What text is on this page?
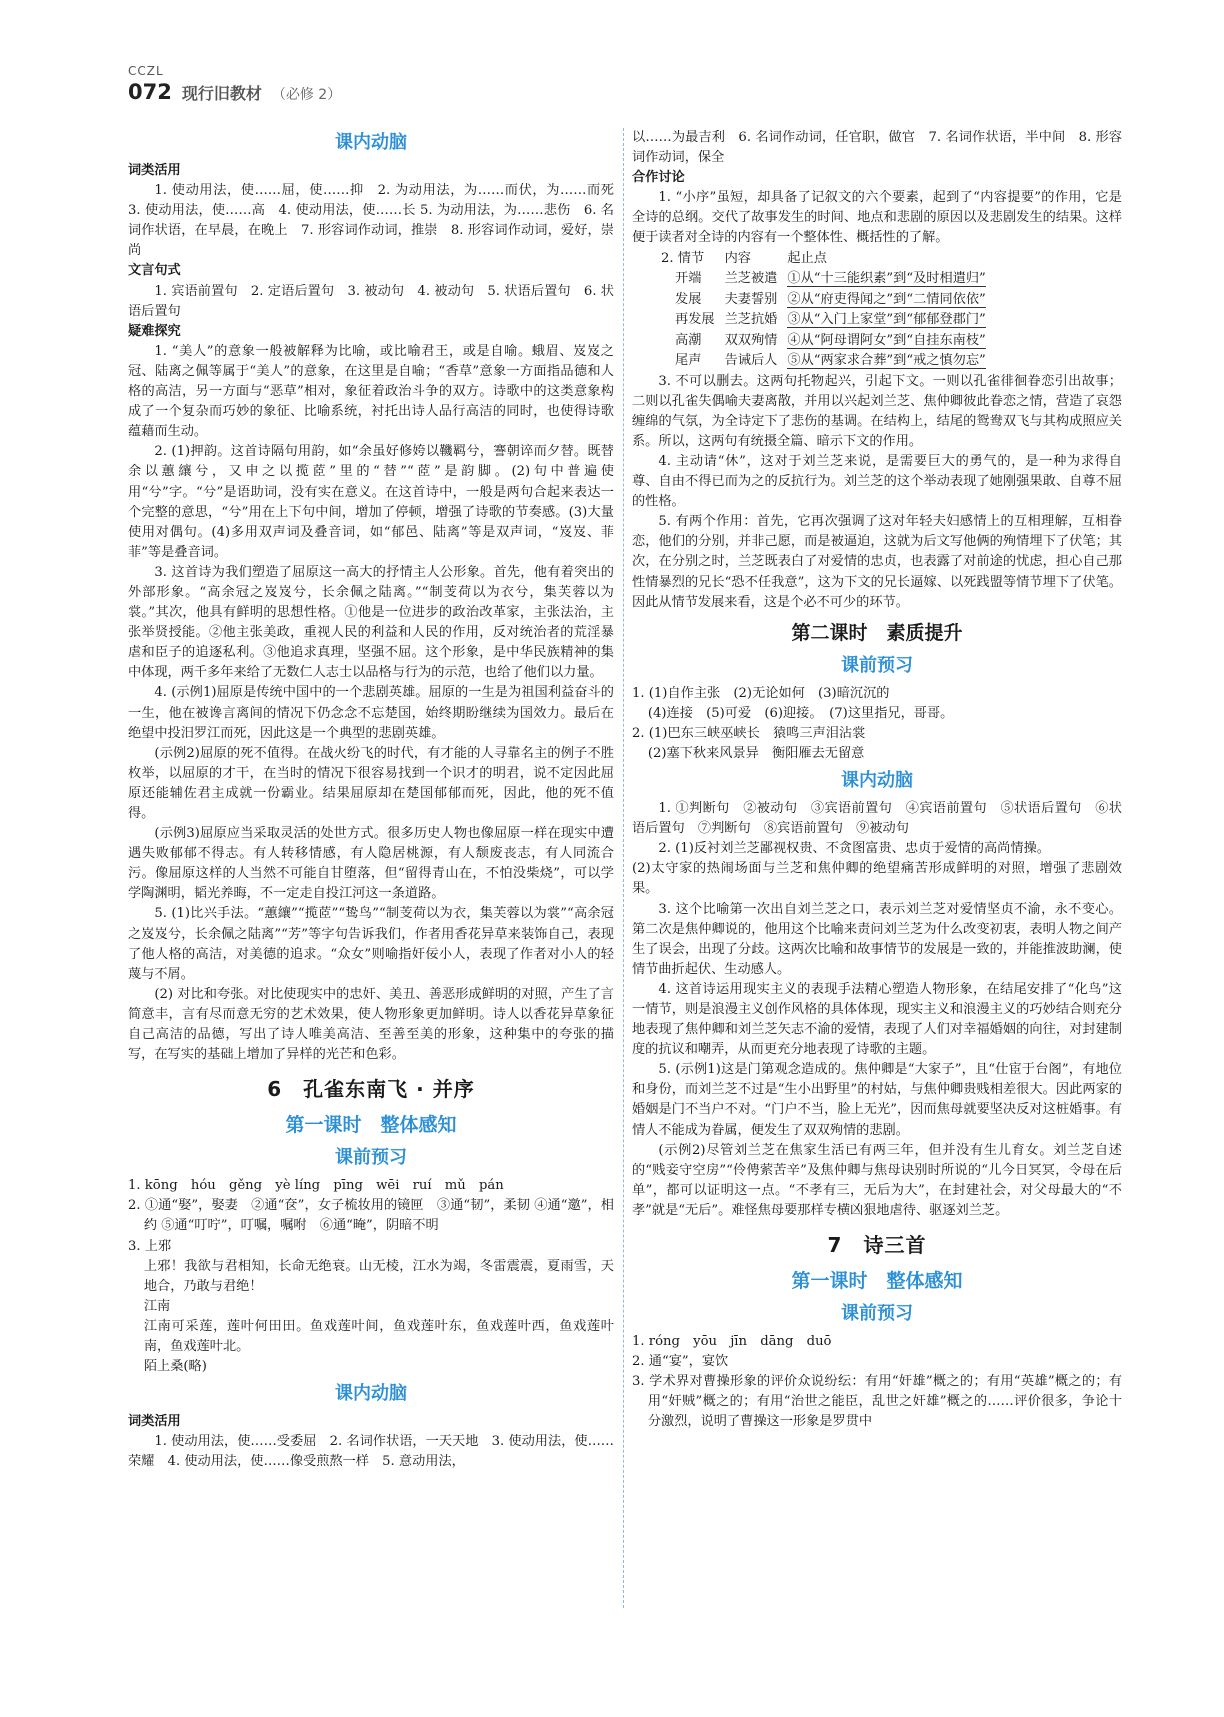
CCZL
072 现行旧教材 （必修 2）
课内动脑

词类活用

1. 使动用法，使……屈，使……抑　2. 为动用法，为……而伏，为……而死　3. 使动用法，使……高　4. 使动用法，使……长 5. 为动用法，为……悲伤　6. 名词作状语，在早晨，在晚上　7. 形容词作动词，推崇　8. 形容词作动词，爱好，崇尚

文言句式

1. 宾语前置句　2. 定语后置句　3. 被动句　4. 被动句　5. 状语后置句　6. 状语后置句

疑难探究

1. “美人”的意象一般被解释为比喻，或比喻君王，或是自喻。蛾眉、岌岌之冠、陆离之佩等属于“美人”的意象，在这里是自喻；“香草”意象一方面指品德和人格的高洁，另一方面与“恶草”相对，象征着政治斗争的双方。诗歌中的这类意象构成了一个复杂而巧妙的象征、比喻系统，衬托出诗人品行高洁的同时，也使得诗歌蕴藉而生动。

2. (1)押韵。这首诗隔句用韵，如“余虽好修姱以鞿羁兮，謇朝谇而夕替。既替余以蕙纕兮，又申之以揽茝”里的“替”“茝”是韵脚。(2)句中普遍使用“兮”字。“兮”是语助词，没有实在意义。在这首诗中，一般是两句合起来表达一个完整的意思，“兮”用在上下句中间，增加了停顿，增强了诗歌的节奏感。(3)大量使用对偶句。(4)多用双声词及叠音词，如“郁邑、陆离”等是双声词，“岌岌、菲菲”等是叠音词。

3. 这首诗为我们塑造了屈原这一高大的抒情主人公形象。首先，他有着突出的外部形象。“高余冠之岌岌兮，长余佩之陆离。”“制芰荷以为衣兮，集芙蓉以为裳。”其次，他具有鲜明的思想性格。①他是一位进步的政治改革家，主张法治，主张举贤授能。②他主张美政，重视人民的利益和人民的作用，反对统治者的荒淫暴虐和臣子的追逐私利。③他追求真理，坚强不屈。这个形象，是中华民族精神的集中体现，两千多年来给了无数仁人志士以品格与行为的示范，也给了他们以力量。

4. (示例1)屈原是传统中国中的一个悲剧英雄。屈原的一生是为祖国利益奋斗的一生，他在被谗言离间的情况下仍念念不忘楚国，始终期盼继续为国效力。最后在绝望中投汨罗江而死，因此这是一个典型的悲剧英雄。

(示例2)屈原的死不值得。在战火纷飞的时代，有才能的人寻靠名主的例子不胜枚举，以屈原的才干，在当时的情况下很容易找到一个识才的明君，说不定因此屈原还能辅佐君主成就一份霸业。结果屈原却在楚国郁郁而死，因此，他的死不值得。

(示例3)屈原应当采取灵活的处世方式。很多历史人物也像屈原一样在现实中遭遇失败郁郁不得志。有人转移情感，有人隐居桃源，有人颓废丧志，有人同流合污。像屈原这样的人当然不可能自甘堕落，但“留得青山在，不怕没柴烧”，可以学学陶渊明，韬光养晦，不一定走自投江河这一条道路。

5. (1)比兴手法。“蕙纕”“揽茝”“鸷鸟”“制芰荷以为衣，集芙蓉以为裳”“高余冠之岌岌兮，长余佩之陆离”“芳”等字句告诉我们，作者用香花异草来装饰自己，表现了他人格的高洁，对美德的追求。“众女”则喻指奸佞小人，表现了作者对小人的轻蔑与不屑。

(2) 对比和夸张。对比使现实中的忠奸、美丑、善恶形成鲜明的对照，产生了言简意丰，言有尽而意无穷的艺术效果，使人物形象更加鲜明。诗人以香花异草象征自己高洁的品德，写出了诗人唯美高洁、至善至美的形象，这种集中的夸张的描写，在写实的基础上增加了异样的光芒和色彩。

6　孔雀东南飞 · 并序
第一课时　整体感知
课前预习

1. kōng　hóu　gěng　yè líng　pīng　wēi　ruí　mǔ　pán

2. ①通“娶”，娶妻　②通“奁”，女子梳妆用的镜匣　③通“韧”，柔韧 ④通“邀”，相约 ⑤通“叮咛”，叮嘱，嘱咐　⑥通“晻”，阴暗不明

3. 上邪

上邪！我欲与君相知，长命无绝衰。山无棱，江水为竭，冬雷震震，夏雨雪，天地合，乃敢与君绝！

江南

江南可采莲，莲叶何田田。鱼戏莲叶间，鱼戏莲叶东，鱼戏莲叶西，鱼戏莲叶南，鱼戏莲叶北。

陌上桑(略)

课内动脑

词类活用

1. 使动用法，使……受委屈　2. 名词作状语，一天天地　3. 使动用法，使……荣耀　4. 使动用法，使……像受煎熬一样　5. 意动用法，

以……为最吉利　6. 名词作动词，任官职，做官　7. 名词作状语，半中间　8. 形容词作动词，保全

合作讨论

1. “小序”虽短，却具备了记叙文的六个要素，起到了“内容提要”的作用，它是全诗的总纲。交代了故事发生的时间、地点和悲剧的原因以及悲剧发生的结果。这样便于读者对全诗的内容有一个整体性、概括性的了解。

2. 情节	内容	起止点
开端	兰芝被遣	①从“十三能织素”到“及时相遣归”
发展	夫妻誓别	②从“府吏得闻之”到“二情同依依”
再发展	兰芝抗婚	③从“入门上家堂”到“郁郁登郡门”
高潮	双双殉情	④从“阿母谓阿女”到“自挂东南枝”
尾声	告诫后人	⑤从“两家求合葬”到“戒之慎勿忘”

3. 不可以删去。这两句托物起兴，引起下文。一则以孔雀徘徊眷恋引出故事；二则以孔雀失偶喻夫妻离散，并用以兴起刘兰芝、焦仲卿彼此眷恋之情，营造了哀怨缠绵的气氛，为全诗定下了悲伤的基调。在结构上，结尾的鸳鸯双飞与其构成照应关系。所以，这两句有统摄全篇、暗示下文的作用。

4. 主动请“休”，这对于刘兰芝来说，是需要巨大的勇气的，是一种为求得自尊、自由不得已而为之的反抗行为。刘兰芝的这个举动表现了她刚强果敢、自尊不屈的性格。

5. 有两个作用：首先，它再次强调了这对年轻夫妇感情上的互相理解，互相眷恋，他们的分别，并非己愿，而是被逼迫，这就为后文写他俩的殉情埋下了伏笔；其次，在分别之时，兰芝既表白了对爱情的忠贞，也表露了对前途的忧虑，担心自己那性情暴烈的兄长“恐不任我意”，这为下文的兄长逼嫁、以死践盟等情节埋下了伏笔。因此从情节发展来看，这是个必不可少的环节。

第二课时　素质提升
课前预习

1. (1)自作主张　(2)无论如何　(3)暗沉沉的

(4)连接　(5)可爱　(6)迎接。　(7)这里指兄，哥哥。

2. (1)巴东三峡巫峡长　猿鸣三声泪沾裳

(2)塞下秋来风景异　衡阳雁去无留意

课内动脑

1. ①判断句　②被动句　③宾语前置句　④宾语前置句　⑤状语后置句　⑥状语后置句　⑦判断句　⑧宾语前置句　⑨被动句

2. (1)反衬刘兰芝鄙视权贵、不贪图富贵、忠贞于爱情的高尚情操。

(2)太守家的热闹场面与兰芝和焦仲卿的绝望痛苦形成鲜明的对照，增强了悲剧效果。

3. 这个比喻第一次出自刘兰芝之口，表示刘兰芝对爱情坚贞不渝，永不变心。第二次是焦仲卿说的，他用这个比喻来责问刘兰芝为什么改变初衷，表明人物之间产生了误会，出现了分歧。这两次比喻和故事情节的发展是一致的，并能推波助澜，使情节曲折起伏、生动感人。

4. 这首诗运用现实主义的表现手法精心塑造人物形象，在结尾安排了“化鸟”这一情节，则是浪漫主义创作风格的具体体现，现实主义和浪漫主义的巧妙结合则充分地表现了焦仲卿和刘兰芝矢志不渝的爱情，表现了人们对幸福婚姻的向往，对封建制度的抗议和嘲弄，从而更充分地表现了诗歌的主题。

5. (示例1)这是门第观念造成的。焦仲卿是“大家子”，且“仕宦于台阁”，有地位和身份，而刘兰芝不过是“生小出野里”的村姑，与焦仲卿贵贱相差很大。因此两家的婚姻是门不当户不对。“门户不当，脸上无光”，因而焦母就要坚决反对这桩婚事。有情人不能成为眷属，便发生了双双殉情的悲剧。

(示例2)尽管刘兰芝在焦家生活已有两三年，但并没有生儿育女。刘兰芝自述的“贱妾守空房”“伶俜萦苦辛”及焦仲卿与焦母诀别时所说的“儿今日冥冥，令母在后单”，都可以证明这一点。“不孝有三，无后为大”，在封建社会，对父母最大的“不孝”就是“无后”。难怪焦母要那样专横凶狠地虐待、驱逐刘兰芝。

7　诗三首
第一课时　整体感知
课前预习

1. róng　yōu　jīn　dāng　duō

2. 通“宴”，宴饮

3. 学术界对曹操形象的评价众说纷纭：有用“奸雄”概之的；有用“英雄”概之的；有用“奸贼”概之的；有用“治世之能臣，乱世之奸雄”概之的……评价很多，争论十分激烈，说明了曹操这一形象是罗贯中
